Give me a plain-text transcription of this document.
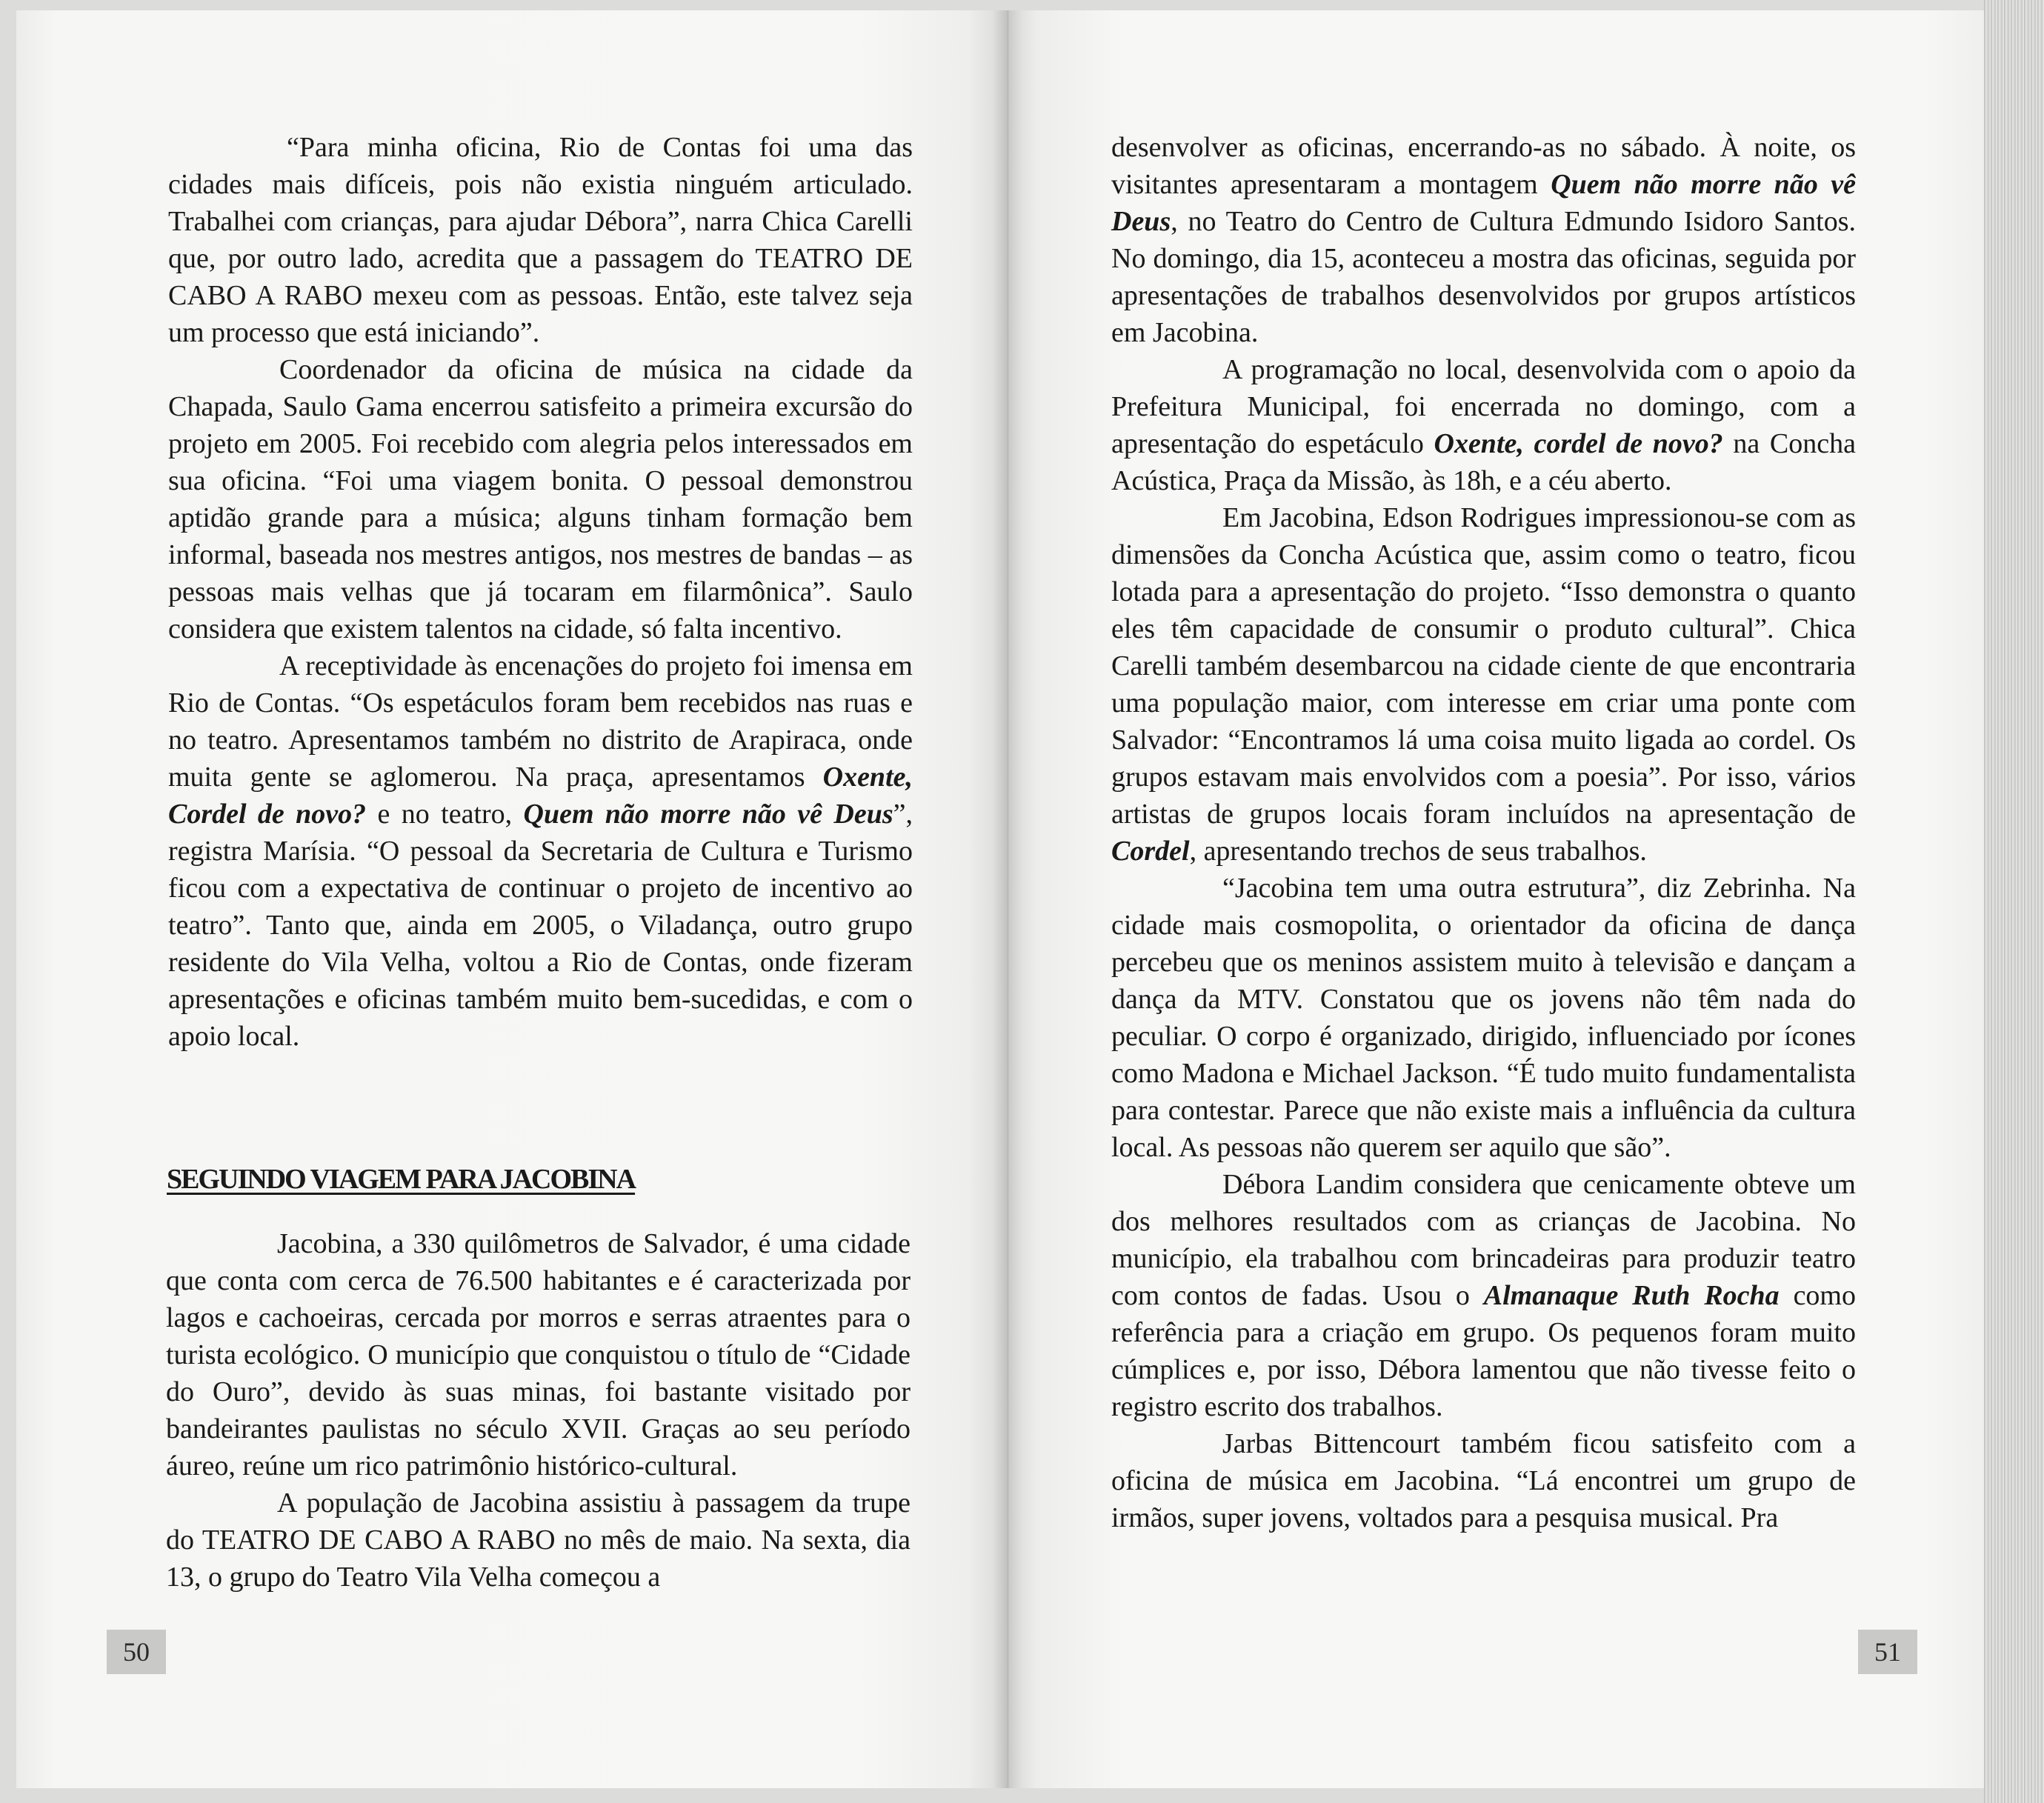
“Para minha oficina, Rio de Contas foi uma das cidades mais difíceis, pois não existia ninguém articulado. Trabalhei com crianças, para ajudar Débora”, narra Chica Carelli que, por outro lado, acredita que a passagem do TEATRO DE CABO A RABO mexeu com as pessoas. Então, este talvez seja um processo que está iniciando”.

Coordenador da oficina de música na cidade da Chapada, Saulo Gama encerrou satisfeito a primeira excursão do projeto em 2005. Foi recebido com alegria pelos interessados em sua oficina. “Foi uma viagem bonita. O pessoal demonstrou aptidão grande para a música; alguns tinham formação bem informal, baseada nos mestres antigos, nos mestres de bandas – as pessoas mais velhas que já tocaram em filarmônica”. Saulo considera que existem talentos na cidade, só falta incentivo.

A receptividade às encenações do projeto foi imensa em Rio de Contas. “Os espetáculos foram bem recebidos nas ruas e no teatro. Apresentamos também no distrito de Arapiraca, onde muita gente se aglomerou. Na praça, apresentamos Oxente, Cordel de novo? e no teatro, Quem não morre não vê Deus”, registra Marísia. “O pessoal da Secretaria de Cultura e Turismo ficou com a expectativa de continuar o projeto de incentivo ao teatro”. Tanto que, ainda em 2005, o Viladança, outro grupo residente do Vila Velha, voltou a Rio de Contas, onde fizeram apresentações e oficinas também muito bem-sucedidas, e com o apoio local.

SEGUINDO VIAGEM PARA JACOBINA

Jacobina, a 330 quilômetros de Salvador, é uma cidade que conta com cerca de 76.500 habitantes e é caracterizada por lagos e cachoeiras, cercada por morros e serras atraentes para o turista ecológico. O município que conquistou o título de “Cidade do Ouro”, devido às suas minas, foi bastante visitado por bandeirantes paulistas no século XVII. Graças ao seu período áureo, reúne um rico patrimônio histórico-cultural.

A população de Jacobina assistiu à passagem da trupe do TEATRO DE CABO A RABO no mês de maio. Na sexta, dia 13, o grupo do Teatro Vila Velha começou a

50

desenvolver as oficinas, encerrando-as no sábado. À noite, os visitantes apresentaram a montagem Quem não morre não vê Deus, no Teatro do Centro de Cultura Edmundo Isidoro Santos. No domingo, dia 15, aconteceu a mostra das oficinas, seguida por apresentações de trabalhos desenvolvidos por grupos artísticos em Jacobina.

A programação no local, desenvolvida com o apoio da Prefeitura Municipal, foi encerrada no domingo, com a apresentação do espetáculo Oxente, cordel de novo? na Concha Acústica, Praça da Missão, às 18h, e a céu aberto.

Em Jacobina, Edson Rodrigues impressionou-se com as dimensões da Concha Acústica que, assim como o teatro, ficou lotada para a apresentação do projeto. “Isso demonstra o quanto eles têm capacidade de consumir o produto cultural”. Chica Carelli também desembarcou na cidade ciente de que encontraria uma população maior, com interesse em criar uma ponte com Salvador: “Encontramos lá uma coisa muito ligada ao cordel. Os grupos estavam mais envolvidos com a poesia”. Por isso, vários artistas de grupos locais foram incluídos na apresentação de Cordel, apresentando trechos de seus trabalhos.

“Jacobina tem uma outra estrutura”, diz Zebrinha. Na cidade mais cosmopolita, o orientador da oficina de dança percebeu que os meninos assistem muito à televisão e dançam a dança da MTV. Constatou que os jovens não têm nada do peculiar. O corpo é organizado, dirigido, influenciado por ícones como Madona e Michael Jackson. “É tudo muito fundamentalista para contestar. Parece que não existe mais a influência da cultura local. As pessoas não querem ser aquilo que são”.

Débora Landim considera que cenicamente obteve um dos melhores resultados com as crianças de Jacobina. No município, ela trabalhou com brincadeiras para produzir teatro com contos de fadas. Usou o Almanaque Ruth Rocha como referência para a criação em grupo. Os pequenos foram muito cúmplices e, por isso, Débora lamentou que não tivesse feito o registro escrito dos trabalhos.

Jarbas Bittencourt também ficou satisfeito com a oficina de música em Jacobina. “Lá encontrei um grupo de irmãos, super jovens, voltados para a pesquisa musical. Pra

51
